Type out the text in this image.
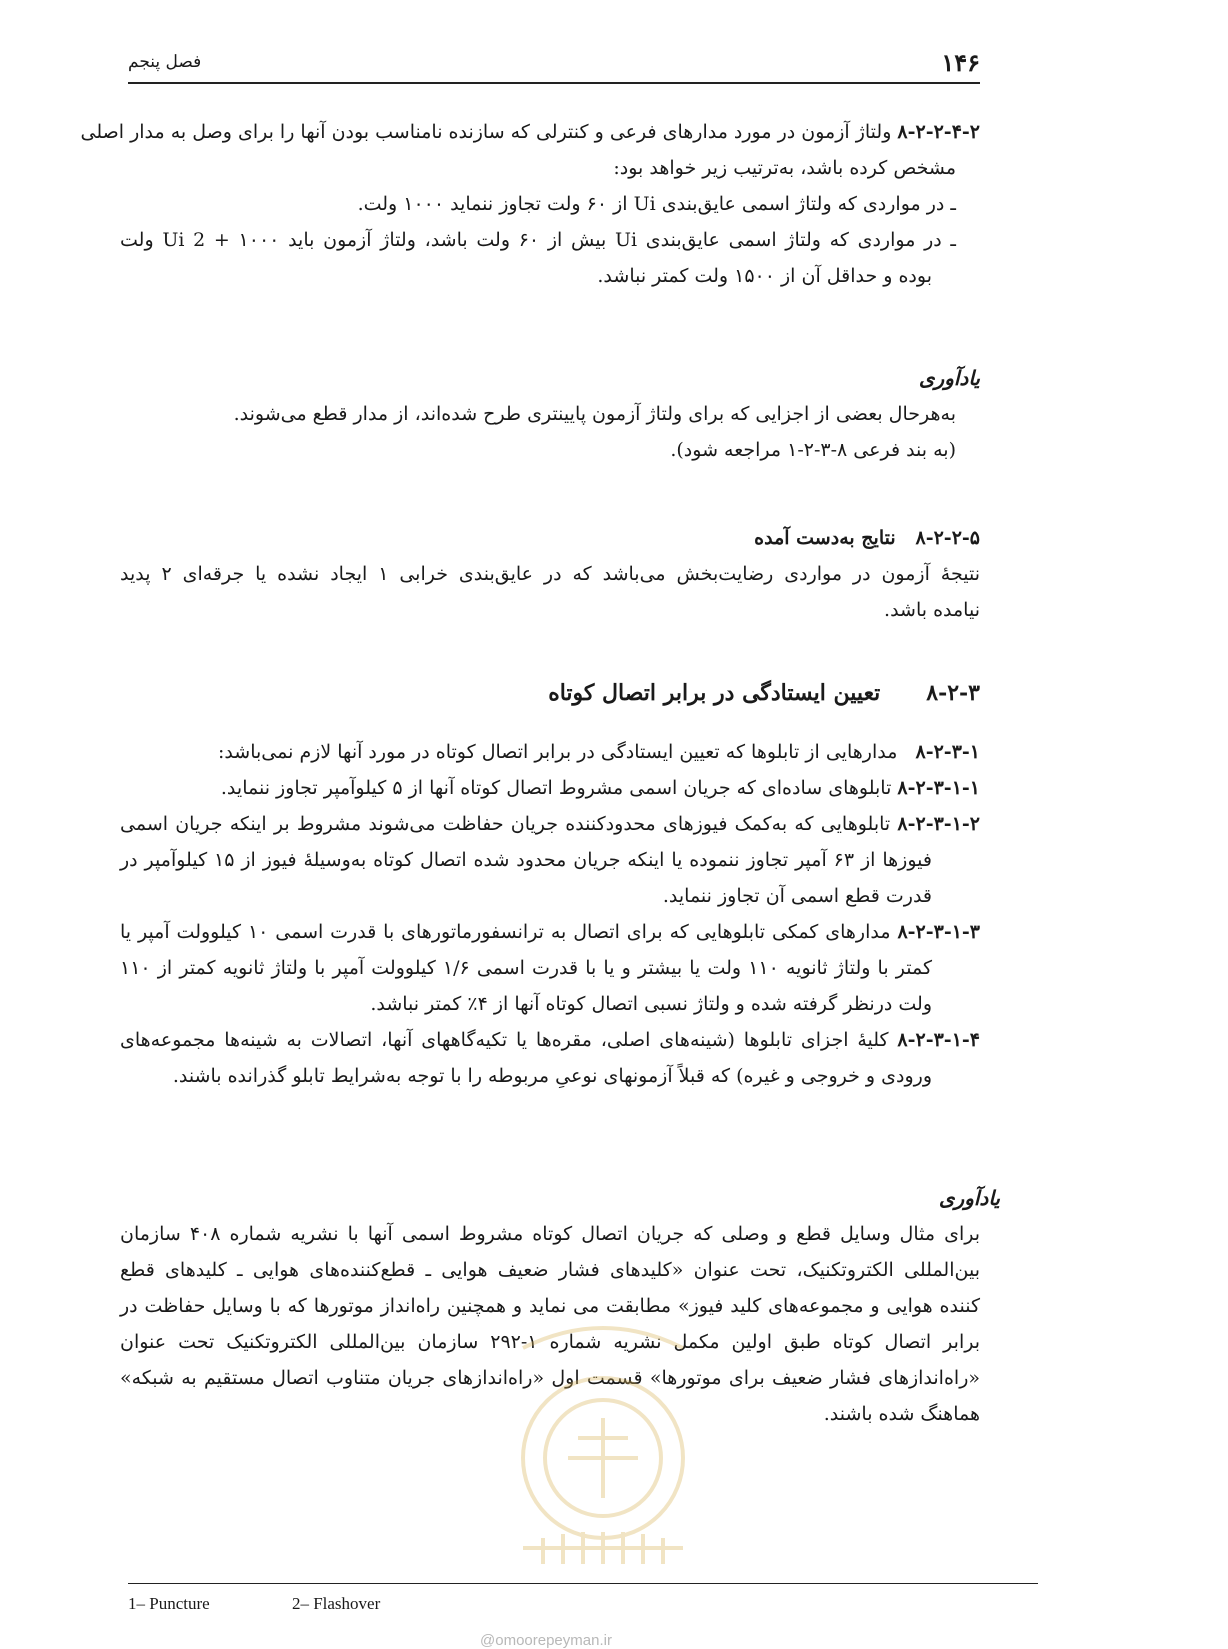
۱۴۶
فصل پنجم
۸-۲-۲-۴-۲ ولتاژ آزمون در مورد مدارهای فرعی و کنترلی که سازنده نامناسب بودن آنها را برای وصل به مدار اصلی
مشخص کرده باشد، به‌ترتیب زیر خواهد بود:
ـ در مواردی که ولتاژ اسمی عایق‌بندی Ui از ۶۰ ولت تجاوز ننماید ۱۰۰۰ ولت.
ـ در مواردی که ولتاژ اسمی عایق‌بندی Ui بیش از ۶۰ ولت باشد، ولتاژ آزمون باید ۱۰۰۰ + 2 Ui ولت
بوده و حداقل آن از ۱۵۰۰ ولت کمتر نباشد.
یادآوری
به‌هرحال بعضی از اجزایی که برای ولتاژ آزمون پایینتری طرح شده‌اند، از مدار قطع می‌شوند.
(به بند فرعی ۸-۳-۲-۱ مراجعه شود).
۸-۲-۲-۵   نتایج به‌دست آمده
نتیجهٔ آزمون در مواردی رضایت‌بخش می‌باشد که در عایق‌بندی خرابی ۱ ایجاد نشده یا جرقه‌ای ۲ پدید
نیامده باشد.
۸-۲-۳      تعیین ایستادگی در برابر اتصال کوتاه
۸-۲-۳-۱   مدارهایی از تابلوها که تعیین ایستادگی در برابر اتصال کوتاه در مورد آنها لازم نمی‌باشد:
۸-۲-۳-۱-۱ تابلوهای ساده‌ای که جریان اسمی مشروط اتصال کوتاه آنها از ۵ کیلوآمپر تجاوز ننماید.
۸-۲-۳-۱-۲ تابلوهایی که به‌کمک فیوزهای محدودکننده جریان حفاظت می‌شوند مشروط بر اینکه جریان اسمی
فیوزها از ۶۳ آمپر تجاوز ننموده یا اینکه جریان محدود شده اتصال کوتاه به‌وسیلهٔ فیوز از ۱۵ کیلوآمپر در
قدرت قطع اسمی آن تجاوز ننماید.
۸-۲-۳-۱-۳ مدارهای کمکی تابلوهایی که برای اتصال به ترانسفورماتورهای با قدرت اسمی ۱۰ کیلوولت آمپر یا
کمتر با ولتاژ ثانویه ۱۱۰ ولت یا بیشتر و یا با قدرت اسمی ۱/۶ کیلوولت آمپر با ولتاژ ثانویه کمتر از ۱۱۰
ولت درنظر گرفته شده و ولتاژ نسبی اتصال کوتاه آنها از ۴٪ کمتر نباشد.
۸-۲-۳-۱-۴ کلیهٔ اجزای تابلوها (شینه‌های اصلی، مقره‌ها یا تکیه‌گاههای آنها، اتصالات به شینه‌ها مجموعه‌های
ورودی و خروجی و غیره) که قبلاً آزمونهای نوعیِ مربوطه را با توجه به‌شرایط تابلو گذرانده باشند.
یادآوری
برای مثال وسایل قطع و وصلی که جریان اتصال کوتاه مشروط اسمی آنها با نشریه شماره ۴۰۸ سازمان
بین‌المللی الکتروتکنیک، تحت عنوان «کلیدهای فشار ضعیف هوایی ـ قطع‌کننده‌های هوایی ـ کلیدهای قطع
کننده هوایی و مجموعه‌های کلید فیوز» مطابقت می نماید و همچنین راه‌انداز موتورها که با وسایل حفاظت در
برابر اتصال کوتاه طبق اولین مکمل نشریه شماره ۱-۲۹۲ سازمان بین‌المللی الکتروتکنیک تحت عنوان
«راه‌اندازهای فشار ضعیف برای موتورها» قسمت اول «راه‌اندازهای جریان متناوب اتصال مستقیم به شبکه»
هماهنگ شده باشند.
1– Puncture	2– Flashover
@omoorepeyman.ir
